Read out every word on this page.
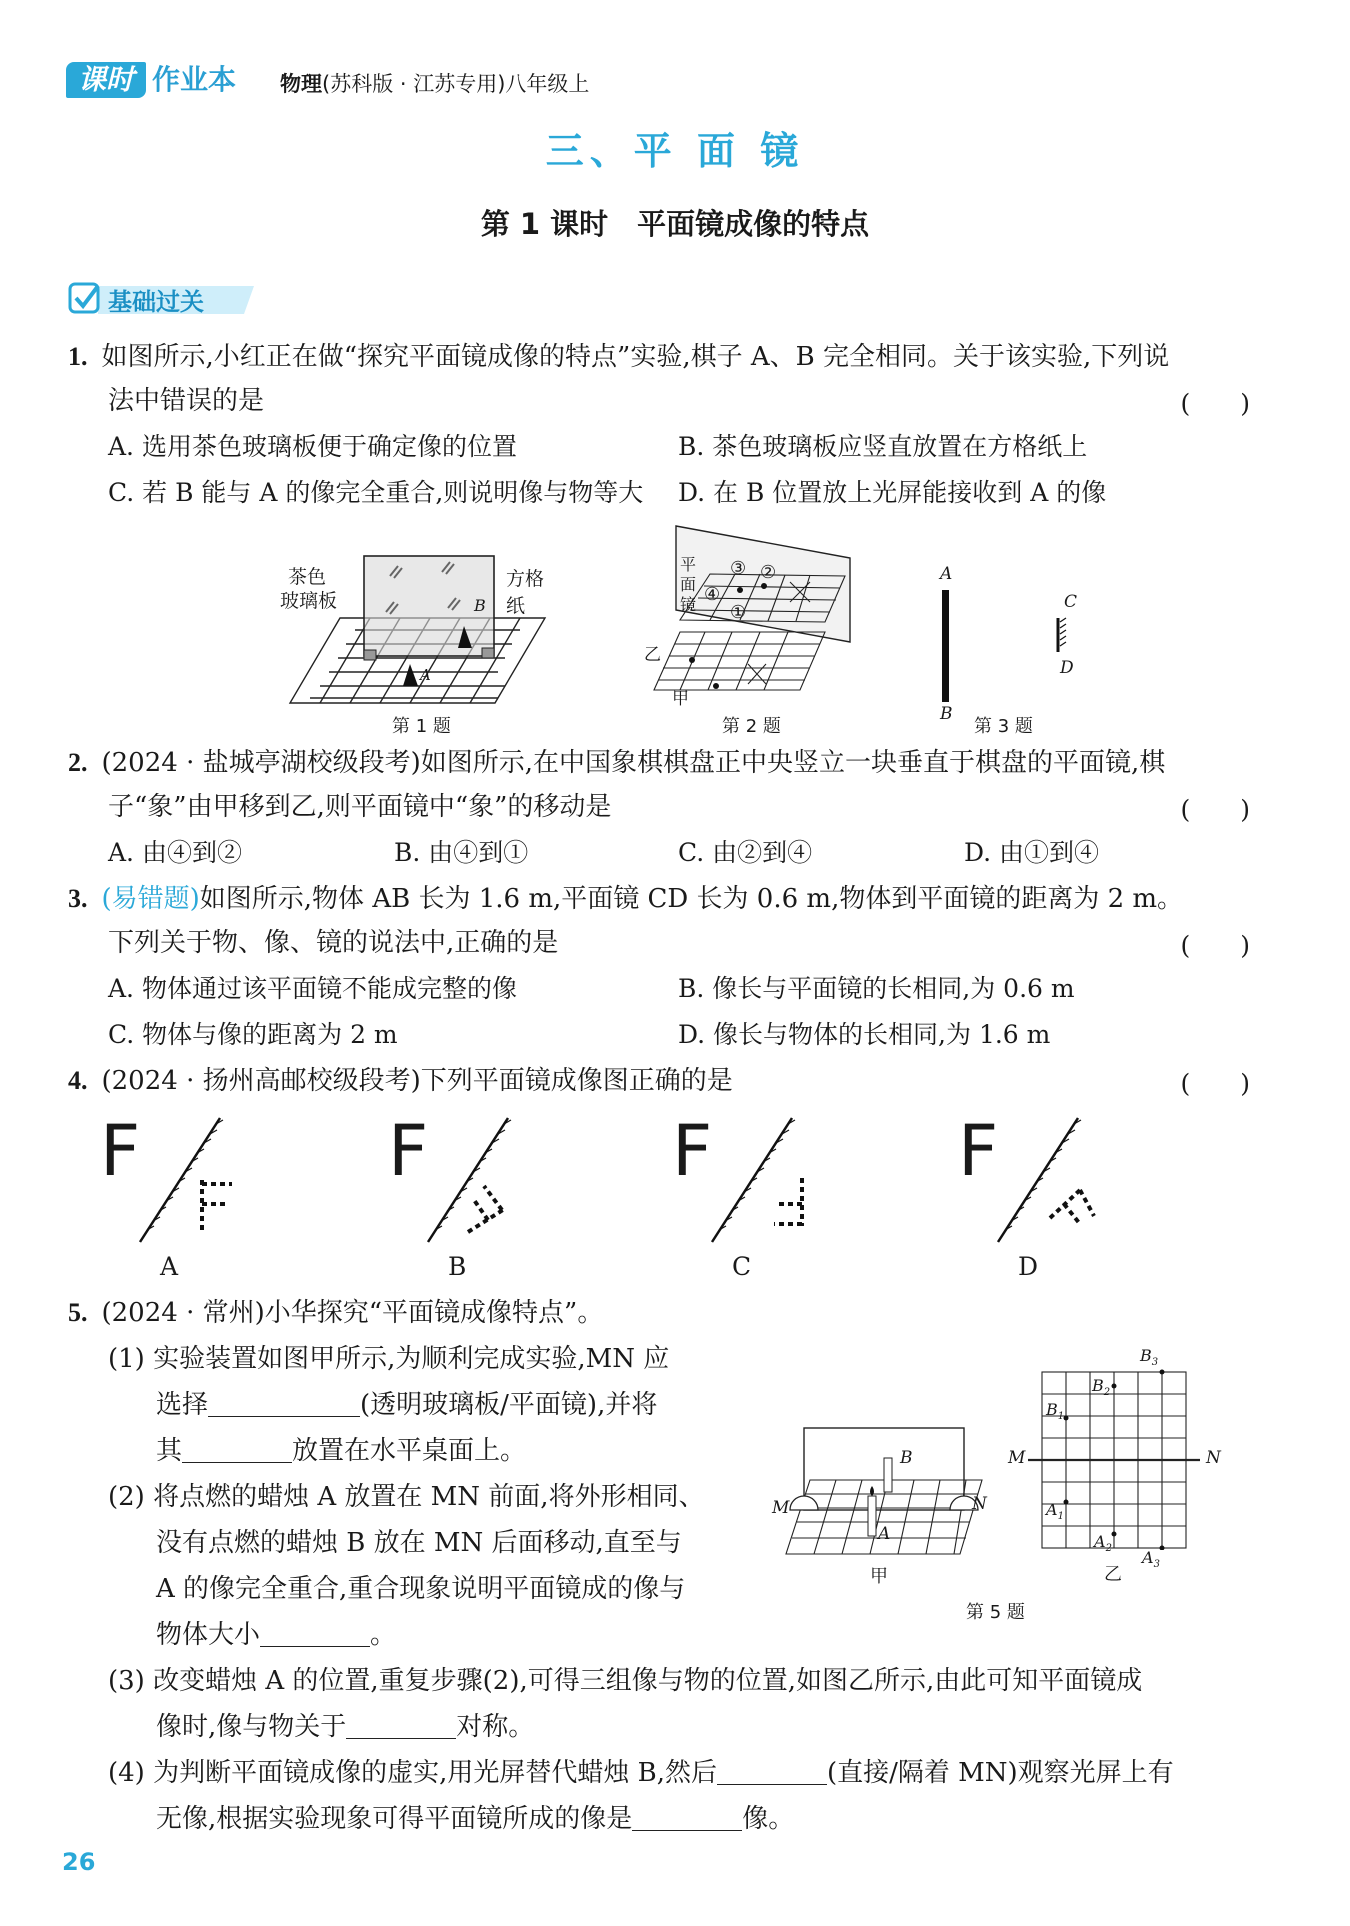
课时 作业本 物理(苏科版 · 江苏专用)八年级上
三、平 面 镜
第 1 课时　平面镜成像的特点
基础过关
1. 如图所示,小红正在做“探究平面镜成像的特点”实验,棋子 A、B 完全相同。关于该实验,下列说
法中错误的是	(　　)
A. 选用茶色玻璃板便于确定像的位置	B. 茶色玻璃板应竖直放置在方格纸上
C. 若 B 能与 A 的像完全重合,则说明像与物等大 D. 在 B 位置放上光屏能接收到 A 的像
茶色
玻璃板
方格纸
B
A
第 1 题
平
面
镜
③ ②
④
①
乙
甲
第 2 题
A
B
C
D
第 3 题
2. (2024 · 盐城亭湖校级段考)如图所示,在中国象棋棋盘正中央竖立一块垂直于棋盘的平面镜,棋
子“象”由甲移到乙,则平面镜中“象”的移动是	(　　)
A. 由④到②	B. 由④到①	C. 由②到④	D. 由①到④
3. (易错题)如图所示,物体 AB 长为 1.6 m,平面镜 CD 长为 0.6 m,物体到平面镜的距离为 2 m。
下列关于物、像、镜的说法中,正确的是	(　　)
A. 物体通过该平面镜不能成完整的像	B. 像长与平面镜的长相同,为 0.6 m
C. 物体与像的距离为 2 m	D. 像长与物体的长相同,为 1.6 m
4. (2024 · 扬州高邮校级段考)下列平面镜成像图正确的是	(　　)
F
A
F
B
F
C
F
D
5. (2024 · 常州)小华探究“平面镜成像特点”。
(1) 实验装置如图甲所示,为顺利完成实验,MN 应
选择	(透明玻璃板/平面镜),并将
其	放置在水平桌面上。
(2) 将点燃的蜡烛 A 放置在 MN 前面,将外形相同、
没有点燃的蜡烛 B 放在 MN 后面移动,直至与
A 的像完全重合,重合现象说明平面镜成的像与
物体大小	。
(3) 改变蜡烛 A 的位置,重复步骤(2),可得三组像与物的位置,如图乙所示,由此可知平面镜成
像时,像与物关于	对称。
(4) 为判断平面镜成像的虚实,用光屏替代蜡烛 B,然后	(直接/隔着 MN)观察光屏上有
无像,根据实验现象可得平面镜所成的像是	像。
B
M	N
A
甲
$B_3$
$B_2$
$B_1$
M	N
$A_1$
$A_2$ $A_3$
乙
第 5 题
26
